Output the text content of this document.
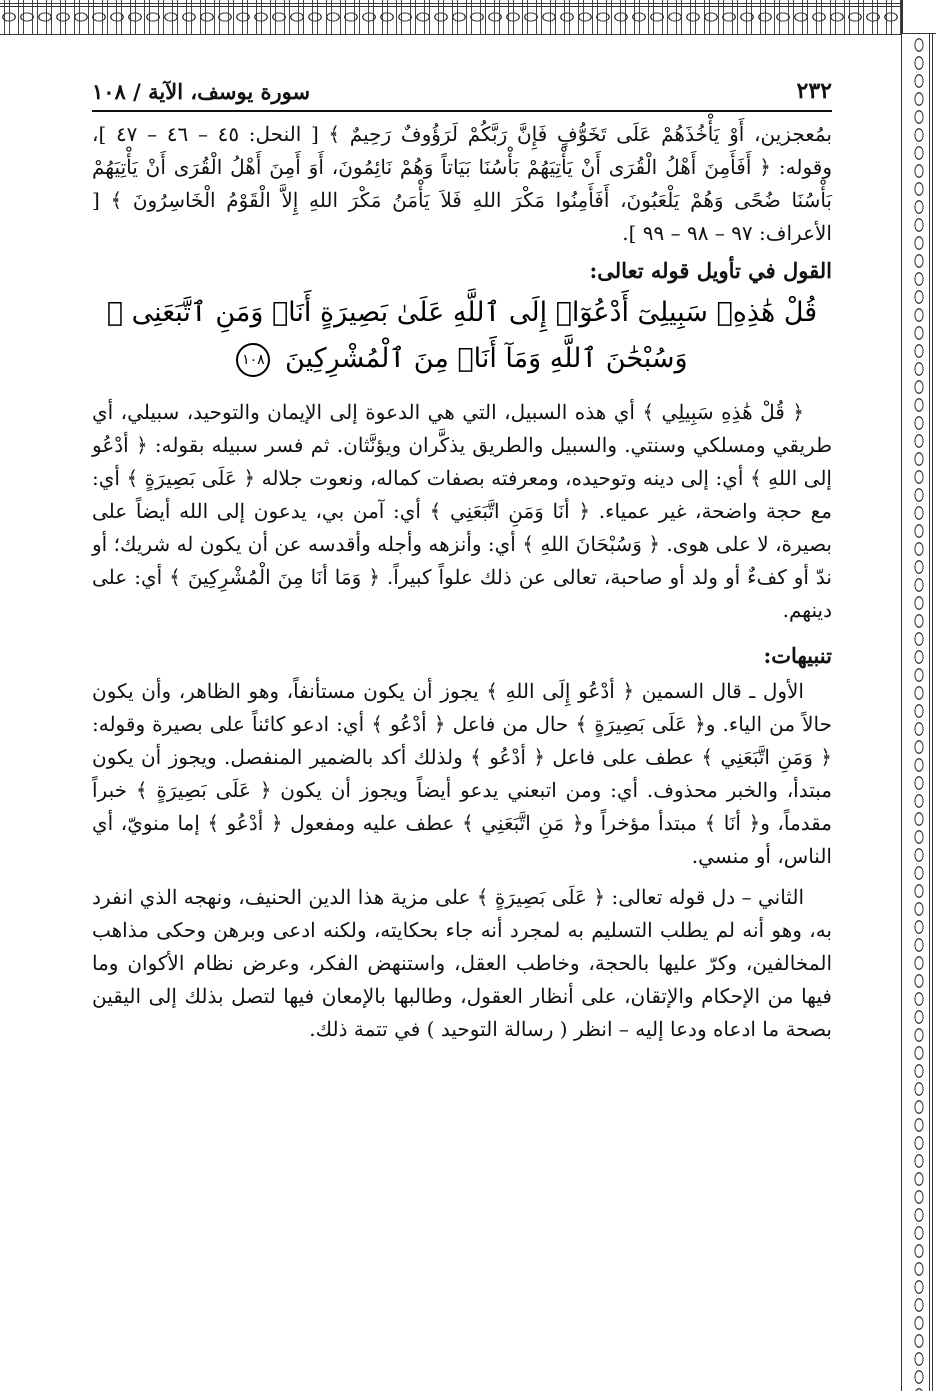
٢٣٢
سورة يوسف، الآية / ١٠٨

بمُعجزين، أَوْ يَأْخُذَهُمْ عَلَى تَخَوُّفٍ فَإِنَّ رَبَّكُمْ لَرَؤُوفٌ رَحِيمٌ ﴾ [ النحل: ٤٥ – ٤٦ – ٤٧ ]، وقوله: ﴿ أَفَأَمِنَ أَهْلُ الْقُرَى أَنْ يَأْتِيَهُمْ بَأْسُنَا بَيَاتاً وَهُمْ نَائِمُونَ، أَوَ أَمِنَ أَهْلُ الْقُرَى أَنْ يَأْتِيَهُمْ بَأْسُنَا ضُحًى وَهُمْ يَلْعَبُونَ، أَفَأَمِنُوا مَكْرَ اللهِ فَلاَ يَأْمَنُ مَكْرَ اللهِ إِلاَّ الْقَوْمُ الْخَاسِرُونَ ﴾ [ الأعراف: ٩٧ – ٩٨ – ٩٩ ].

القول في تأويل قوله تعالى:
قُلْ هَٰذِهِۦ سَبِيلِىٓ أَدْعُوٓا۟ إِلَى ٱللَّهِ عَلَىٰ بَصِيرَةٍ أَنَا۠ وَمَنِ ٱتَّبَعَنِى ۖ وَسُبْحَٰنَ ٱللَّهِ وَمَآ أَنَا۠ مِنَ ٱلْمُشْرِكِينَ ١٠٨

﴿ قُلْ هَٰذِهِ سَبِيلِي ﴾ أي هذه السبيل، التي هي الدعوة إلى الإيمان والتوحيد، سبيلي، أي طريقي ومسلكي وسنتي. والسبيل والطريق يذكَّران ويؤنَّثان. ثم فسر سبيله بقوله: ﴿ أدْعُو إلى اللهِ ﴾ أي: إلى دينه وتوحيده، ومعرفته بصفات كماله، ونعوت جلاله ﴿ عَلَى بَصِيرَةٍ ﴾ أي: مع حجة واضحة، غير عمياء. ﴿ أنَا وَمَنِ اتَّبَعَنِي ﴾ أي: آمن بي، يدعون إلى الله أيضاً على بصيرة، لا على هوى. ﴿ وَسُبْحَانَ اللهِ ﴾ أي: وأنزهه وأجله وأقدسه عن أن يكون له شريك؛ أو ندّ أو كفءٌ أو ولد أو صاحبة، تعالى عن ذلك علواً كبيراً. ﴿ وَمَا أنَا مِنَ الْمُشْرِكِينَ ﴾ أي: على دينهم.

تنبيهات:

الأول ـ قال السمين ﴿ أدْعُو إِلَى اللهِ ﴾ يجوز أن يكون مستأنفاً، وهو الظاهر، وأن يكون حالاً من الياء. و﴿ عَلَى بَصِيرَةٍ ﴾ حال من فاعل ﴿ أدْعُو ﴾ أي: ادعو كائناً على بصيرة وقوله: ﴿ وَمَنِ اتَّبَعَنِي ﴾ عطف على فاعل ﴿ أدْعُو ﴾ ولذلك أكد بالضمير المنفصل. ويجوز أن يكون مبتدأ، والخبر محذوف. أي: ومن اتبعني يدعو أيضاً ويجوز أن يكون ﴿ عَلَى بَصِيرَةٍ ﴾ خبراً مقدماً، و﴿ أنَا ﴾ مبتدأ مؤخراً و﴿ مَنِ اتَّبَعَنِي ﴾ عطف عليه ومفعول ﴿ أدْعُو ﴾ إما منويّ، أي الناس، أو منسي.

الثاني – دل قوله تعالى: ﴿ عَلَى بَصِيرَةٍ ﴾ على مزية هذا الدين الحنيف، ونهجه الذي انفرد به، وهو أنه لم يطلب التسليم به لمجرد أنه جاء بحكايته، ولكنه ادعى وبرهن وحكى مذاهب المخالفين، وكرّ عليها بالحجة، وخاطب العقل، واستنهض الفكر، وعرض نظام الأكوان وما فيها من الإحكام والإتقان، على أنظار العقول، وطالبها بالإمعان فيها لتصل بذلك إلى اليقين بصحة ما ادعاه ودعا إليه – انظر ( رسالة التوحيد ) في تتمة ذلك.
